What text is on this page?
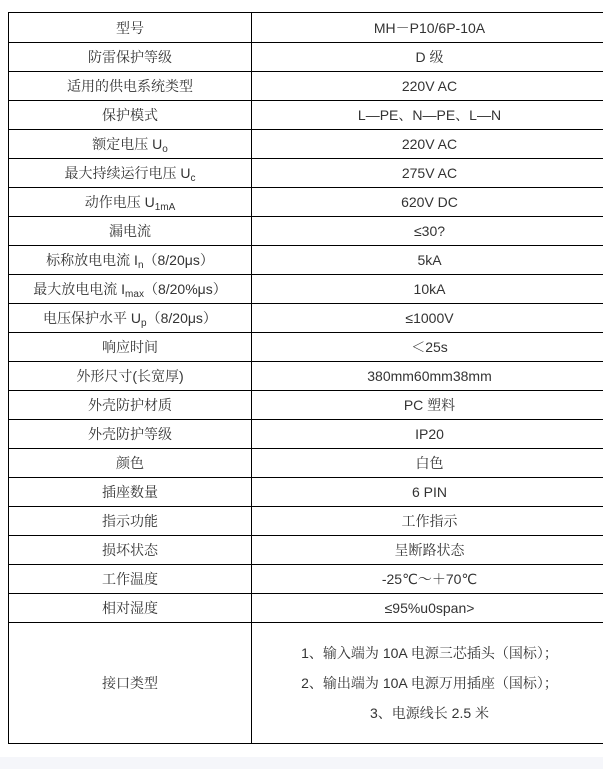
型号	MH－P10/6P-10A
防雷保护等级	D 级
适用的供电系统类型	220V AC
保护模式	L—PE、N—PE、L—N
额定电压 $U_o$	220V AC
最大持续运行电压 $U_c$	275V AC
动作电压 $U_{1mA}$	620V DC
漏电流	≤30?
标称放电电流 $I_n(8/20\mu s)$	5kA
最大放电电流 $I_{max}(8/20\%\mu s)$	10kA
电压保护水平 $U_p(8/20\mu s)$	≤1000V
响应时间	＜25s
外形尺寸(长宽厚)	380mm60mm38mm
外壳防护材质	PC 塑料
外壳防护等级	IP20
颜色	白色
插座数量	6 PIN
指示功能	工作指示
损坏状态	呈断路状态
工作温度	-25℃～＋70℃
相对湿度	≤95%u0span>
接口类型	1、输入端为 10A 电源三芯插头（国标）；
2、输出端为 10A 电源万用插座（国标）；
3、电源线长 2.5 米
